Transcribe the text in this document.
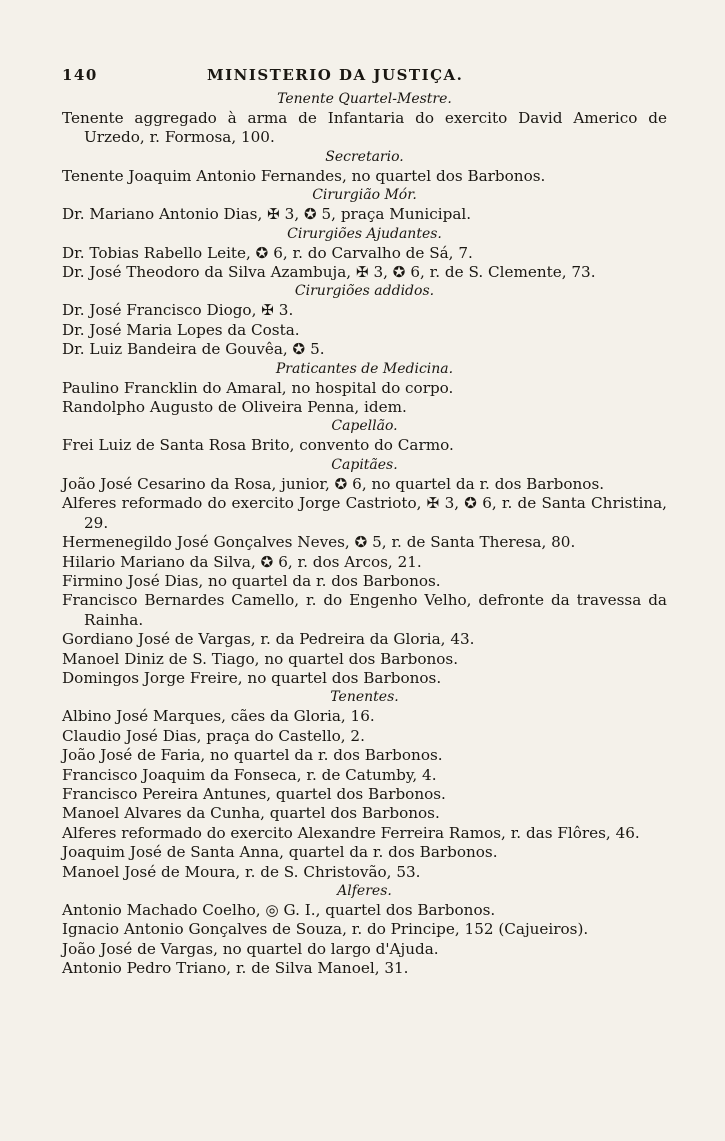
140	MINISTERIO DA JUSTIÇA.
Tenente Quartel-Mestre.
Tenente aggregado à arma de Infantaria do exercito David Americo de Urzedo, r. Formosa, 100.
Secretario.
Tenente Joaquim Antonio Fernandes, no quartel dos Barbonos.
Cirurgião Mór.
Dr. Mariano Antonio Dias, ✠ 3, ✪ 5, praça Municipal.
Cirurgiões Ajudantes.
Dr. Tobias Rabello Leite, ✪ 6, r. do Carvalho de Sá, 7.
Dr. José Theodoro da Silva Azambuja, ✠ 3, ✪ 6, r. de S. Clemente, 73.
Cirurgiões addidos.
Dr. José Francisco Diogo, ✠ 3.
Dr. José Maria Lopes da Costa.
Dr. Luiz Bandeira de Gouvêa, ✪ 5.
Praticantes de Medicina.
Paulino Francklin do Amaral, no hospital do corpo.
Randolpho Augusto de Oliveira Penna, idem.
Capellão.
Frei Luiz de Santa Rosa Brito, convento do Carmo.
Capitães.
João José Cesarino da Rosa, junior, ✪ 6, no quartel da r. dos Barbonos.
Alferes reformado do exercito Jorge Castrioto, ✠ 3, ✪ 6, r. de Santa Christina, 29.
Hermenegildo José Gonçalves Neves, ✪ 5, r. de Santa Theresa, 80.
Hilario Mariano da Silva, ✪ 6, r. dos Arcos, 21.
Firmino José Dias, no quartel da r. dos Barbonos.
Francisco Bernardes Camello, r. do Engenho Velho, defronte da travessa da Rainha.
Gordiano José de Vargas, r. da Pedreira da Gloria, 43.
Manoel Diniz de S. Tiago, no quartel dos Barbonos.
Domingos Jorge Freire, no quartel dos Barbonos.
Tenentes.
Albino José Marques, cães da Gloria, 16.
Claudio José Dias, praça do Castello, 2.
João José de Faria, no quartel da r. dos Barbonos.
Francisco Joaquim da Fonseca, r. de Catumby, 4.
Francisco Pereira Antunes, quartel dos Barbonos.
Manoel Alvares da Cunha, quartel dos Barbonos.
Alferes reformado do exercito Alexandre Ferreira Ramos, r. das Flôres, 46.
Joaquim José de Santa Anna, quartel da r. dos Barbonos.
Manoel José de Moura, r. de S. Christovão, 53.
Alferes.
Antonio Machado Coelho, ◎ G. I., quartel dos Barbonos.
Ignacio Antonio Gonçalves de Souza, r. do Principe, 152 (Cajueiros).
João José de Vargas, no quartel do largo d'Ajuda.
Antonio Pedro Triano, r. de Silva Manoel, 31.
